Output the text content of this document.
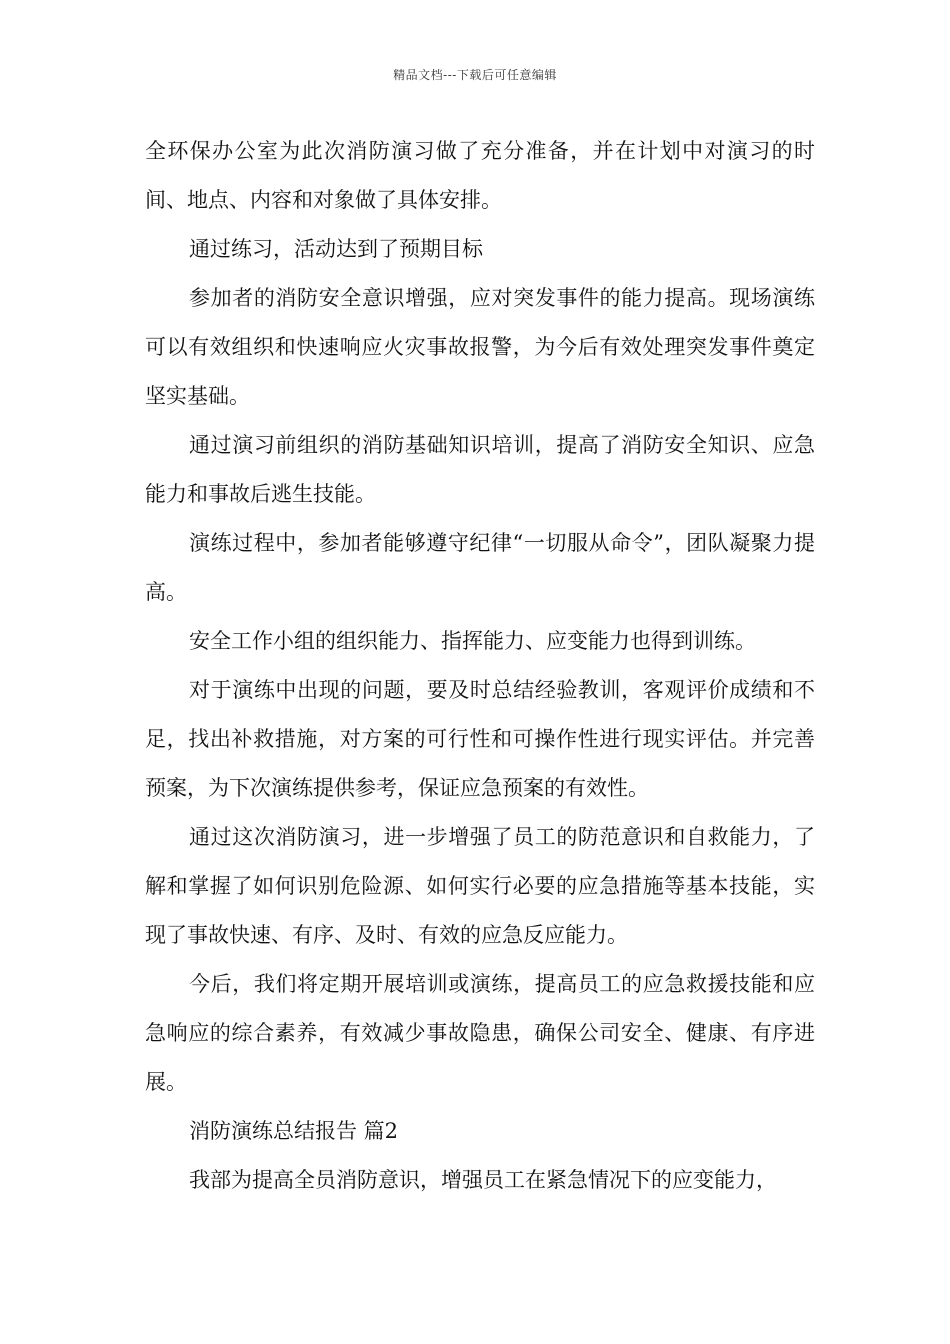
精品文档---下载后可任意编辑

全环保办公室为此次消防演习做了充分准备，并在计划中对演习的时间、地点、内容和对象做了具体安排。

通过练习，活动达到了预期目标

参加者的消防安全意识增强，应对突发事件的能力提高。现场演练可以有效组织和快速响应火灾事故报警，为今后有效处理突发事件奠定坚实基础。

通过演习前组织的消防基础知识培训，提高了消防安全知识、应急能力和事故后逃生技能。

演练过程中，参加者能够遵守纪律“一切服从命令”，团队凝聚力提高。

安全工作小组的组织能力、指挥能力、应变能力也得到训练。

对于演练中出现的问题，要及时总结经验教训，客观评价成绩和不足，找出补救措施，对方案的可行性和可操作性进行现实评估。并完善预案，为下次演练提供参考，保证应急预案的有效性。

通过这次消防演习，进一步增强了员工的防范意识和自救能力，了解和掌握了如何识别危险源、如何实行必要的应急措施等基本技能，实现了事故快速、有序、及时、有效的应急反应能力。

今后，我们将定期开展培训或演练，提高员工的应急救援技能和应急响应的综合素养，有效减少事故隐患，确保公司安全、健康、有序进展。

消防演练总结报告 篇2

我部为提高全员消防意识，增强员工在紧急情况下的应变能力，
